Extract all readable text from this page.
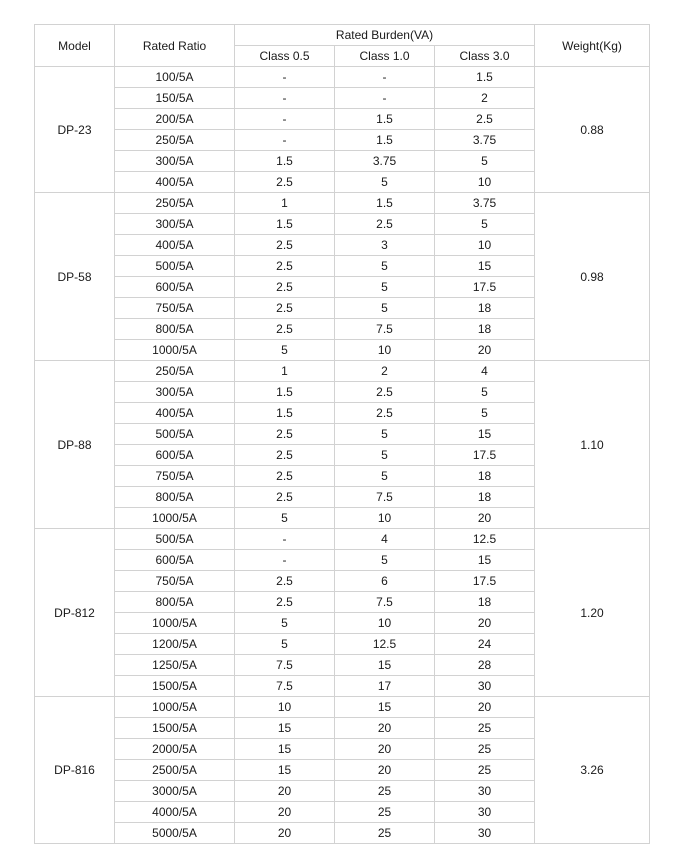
Model	Rated Ratio	Rated Burden(VA)			Weight(Kg)
		Class 0.5	Class 1.0	Class 3.0	
DP-23	100/5A	-	-	1.5	0.88
	150/5A	-	-	2	
	200/5A	-	1.5	2.5	
	250/5A	-	1.5	3.75	
	300/5A	1.5	3.75	5	
	400/5A	2.5	5	10	
DP-58	250/5A	1	1.5	3.75	0.98
	300/5A	1.5	2.5	5	
	400/5A	2.5	3	10	
	500/5A	2.5	5	15	
	600/5A	2.5	5	17.5	
	750/5A	2.5	5	18	
	800/5A	2.5	7.5	18	
	1000/5A	5	10	20	
DP-88	250/5A	1	2	4	1.10
	300/5A	1.5	2.5	5	
	400/5A	1.5	2.5	5	
	500/5A	2.5	5	15	
	600/5A	2.5	5	17.5	
	750/5A	2.5	5	18	
	800/5A	2.5	7.5	18	
	1000/5A	5	10	20	
DP-812	500/5A	-	4	12.5	1.20
	600/5A	-	5	15	
	750/5A	2.5	6	17.5	
	800/5A	2.5	7.5	18	
	1000/5A	5	10	20	
	1200/5A	5	12.5	24	
	1250/5A	7.5	15	28	
	1500/5A	7.5	17	30	
DP-816	1000/5A	10	15	20	3.26
	1500/5A	15	20	25	
	2000/5A	15	20	25	
	2500/5A	15	20	25	
	3000/5A	20	25	30	
	4000/5A	20	25	30	
	5000/5A	20	25	30	
